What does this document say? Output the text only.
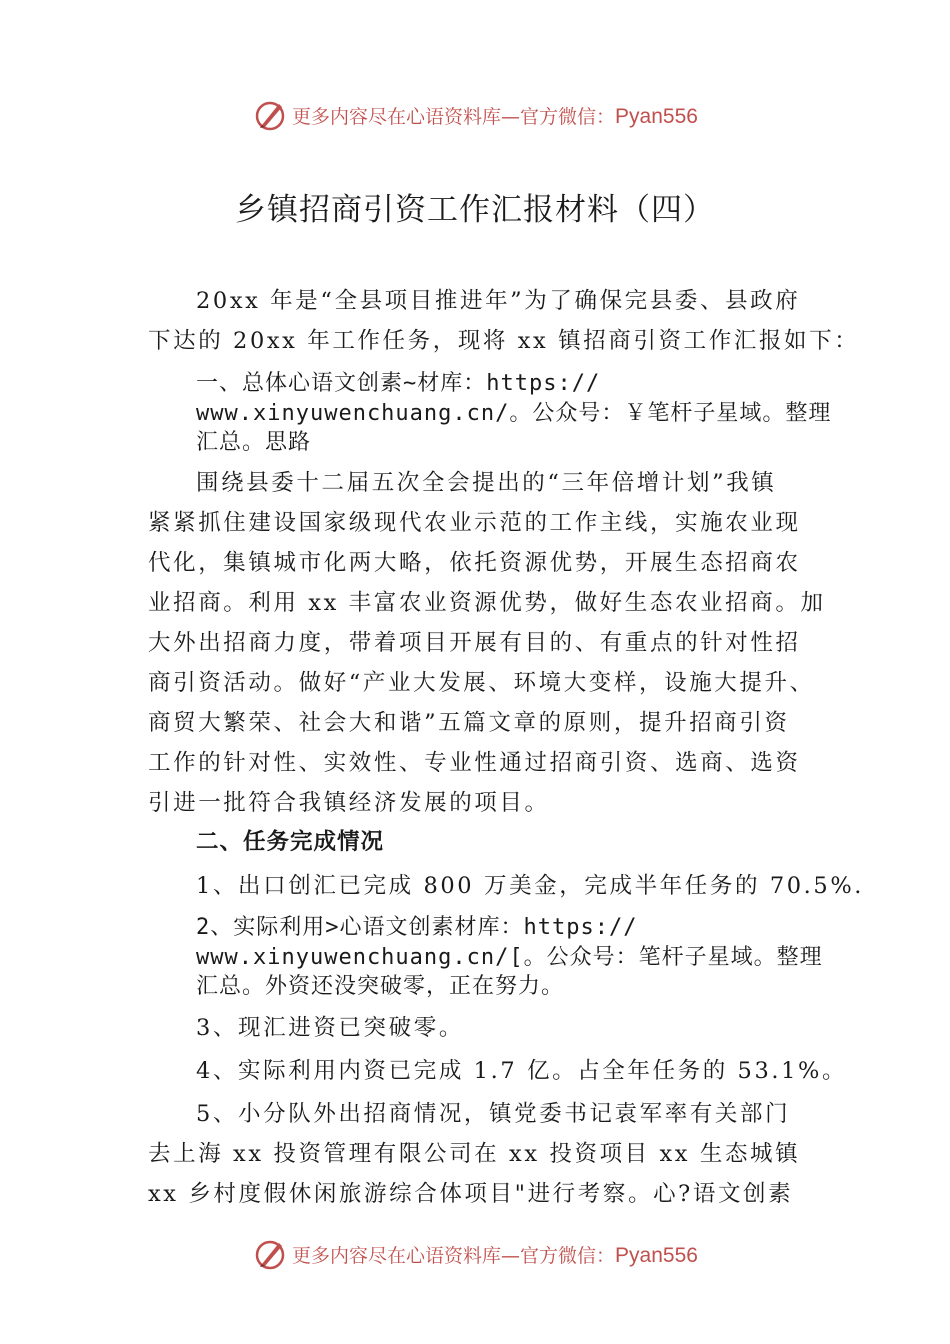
更多内容尽在心语资料库—官方微信：Pyan556
乡镇招商引资工作汇报材料（四）
20xx 年是“全县项目推进年”为了确保完县委、县政府
下达的 20xx 年工作任务，现将 xx 镇招商引资工作汇报如下：
一、总体心语文创素~材库：https://
www.xinyuwenchuang.cn/。公众号：￥笔杆子星域。整理
汇总。思路
围绕县委十二届五次全会提出的“三年倍增计划”我镇
紧紧抓住建设国家级现代农业示范的工作主线，实施农业现
代化，集镇城市化两大略，依托资源优势，开展生态招商农
业招商。利用 xx 丰富农业资源优势，做好生态农业招商。加
大外出招商力度，带着项目开展有目的、有重点的针对性招
商引资活动。做好“产业大发展、环境大变样，设施大提升、
商贸大繁荣、社会大和谐”五篇文章的原则，提升招商引资
工作的针对性、实效性、专业性通过招商引资、选商、选资
引进一批符合我镇经济发展的项目。
二、任务完成情况
1、出口创汇已完成 800 万美金，完成半年任务的 70.5%.
2、实际利用>心语文创素材库：https://
www.xinyuwenchuang.cn/[。公众号：笔杆子星域。整理
汇总。外资还没突破零，正在努力。
3、现汇进资已突破零。
4、实际利用内资已完成 1.7 亿。占全年任务的 53.1%。
5、小分队外出招商情况，镇党委书记袁军率有关部门
去上海 xx 投资管理有限公司在 xx 投资项目 xx 生态城镇
xx 乡村度假休闲旅游综合体项目"进行考察。心?语文创素
更多内容尽在心语资料库—官方微信：Pyan556
